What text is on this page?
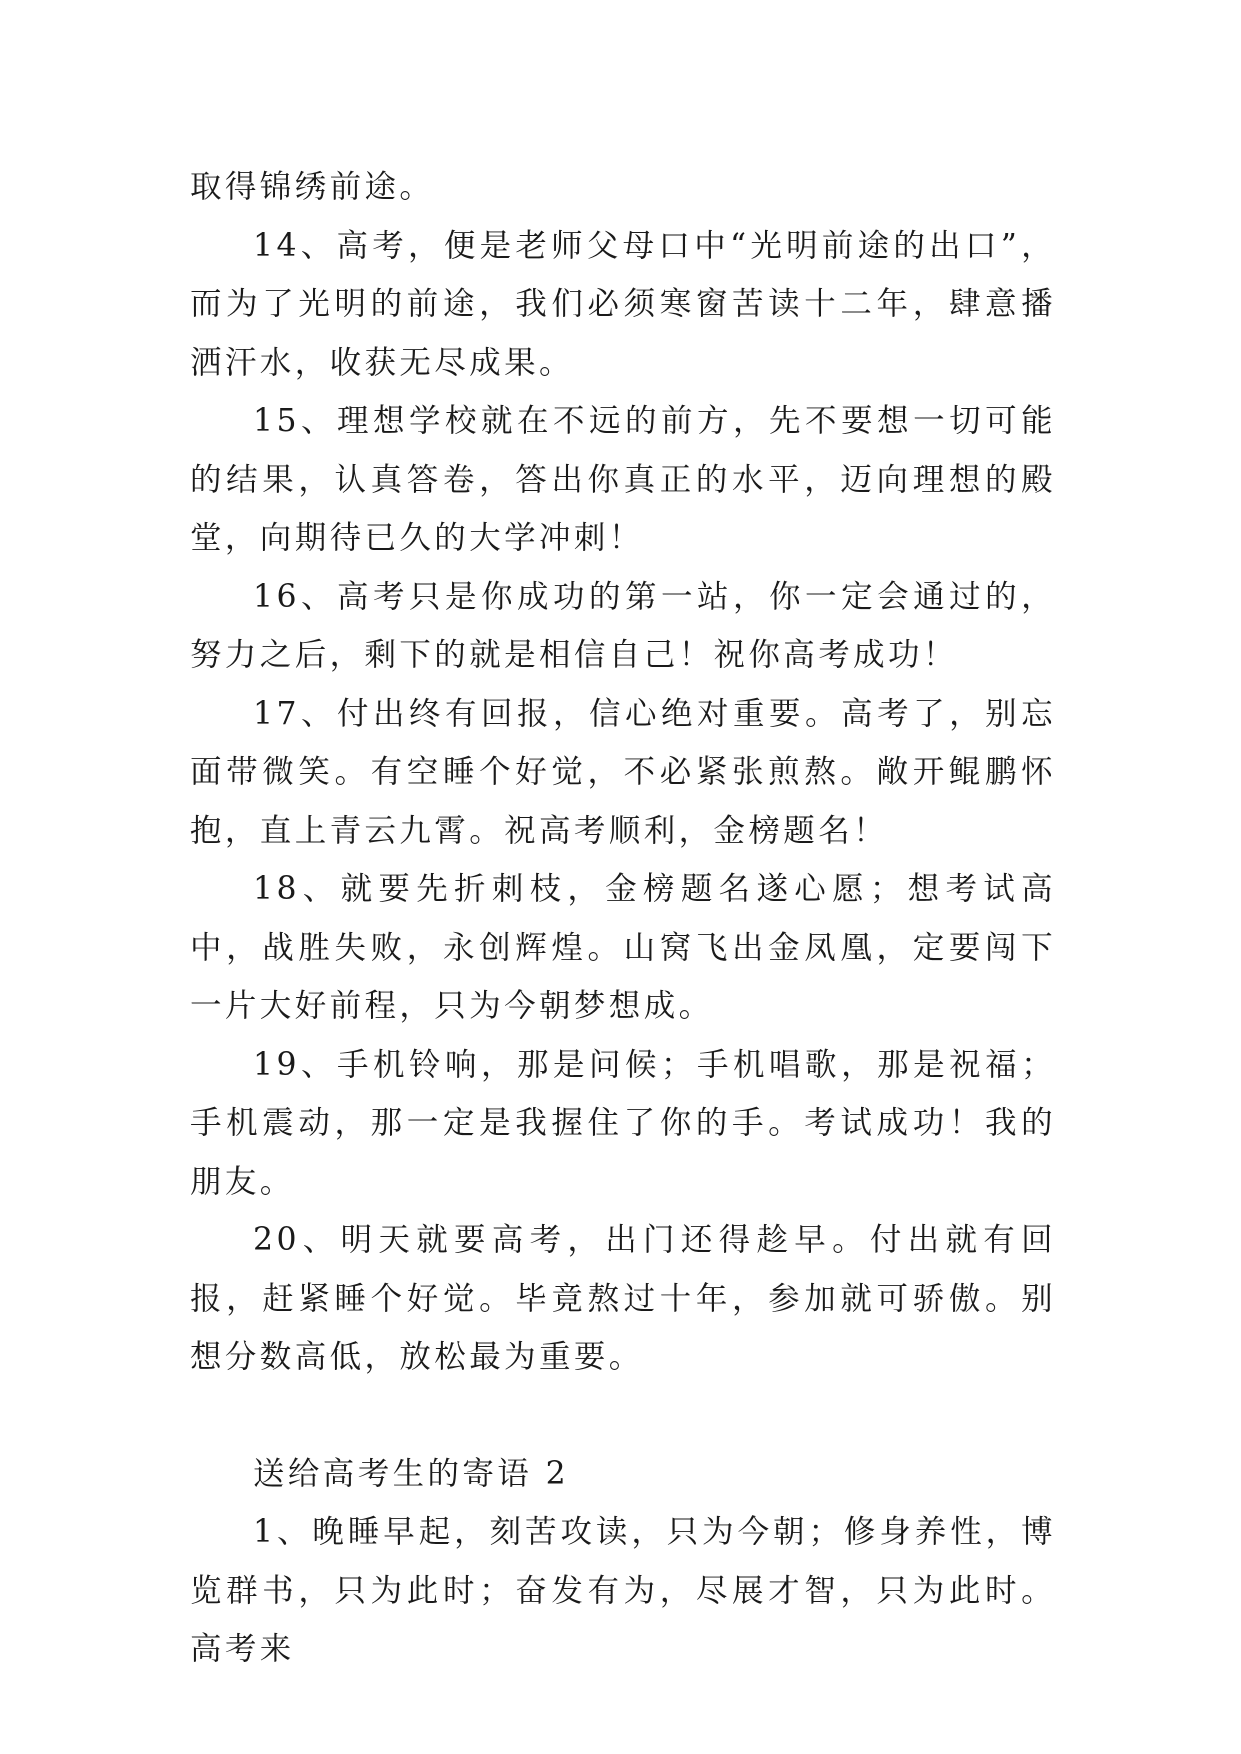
取得锦绣前途。

14、高考，便是老师父母口中“光明前途的出口”，而为了光明的前途，我们必须寒窗苦读十二年，肆意播洒汗水，收获无尽成果。

15、理想学校就在不远的前方，先不要想一切可能的结果，认真答卷，答出你真正的水平，迈向理想的殿堂，向期待已久的大学冲刺！

16、高考只是你成功的第一站，你一定会通过的，努力之后，剩下的就是相信自己！祝你高考成功！

17、付出终有回报，信心绝对重要。高考了，别忘面带微笑。有空睡个好觉，不必紧张煎熬。敞开鲲鹏怀抱，直上青云九霄。祝高考顺利，金榜题名！

18、就要先折刺枝，金榜题名遂心愿；想考试高中，战胜失败，永创辉煌。山窝飞出金凤凰，定要闯下一片大好前程，只为今朝梦想成。

19、手机铃响，那是问候；手机唱歌，那是祝福；手机震动，那一定是我握住了你的手。考试成功！我的朋友。

20、明天就要高考，出门还得趁早。付出就有回报，赶紧睡个好觉。毕竟熬过十年，参加就可骄傲。别想分数高低，放松最为重要。

送给高考生的寄语 2

1、晚睡早起，刻苦攻读，只为今朝；修身养性，博览群书，只为此时；奋发有为，尽展才智，只为此时。高考来
